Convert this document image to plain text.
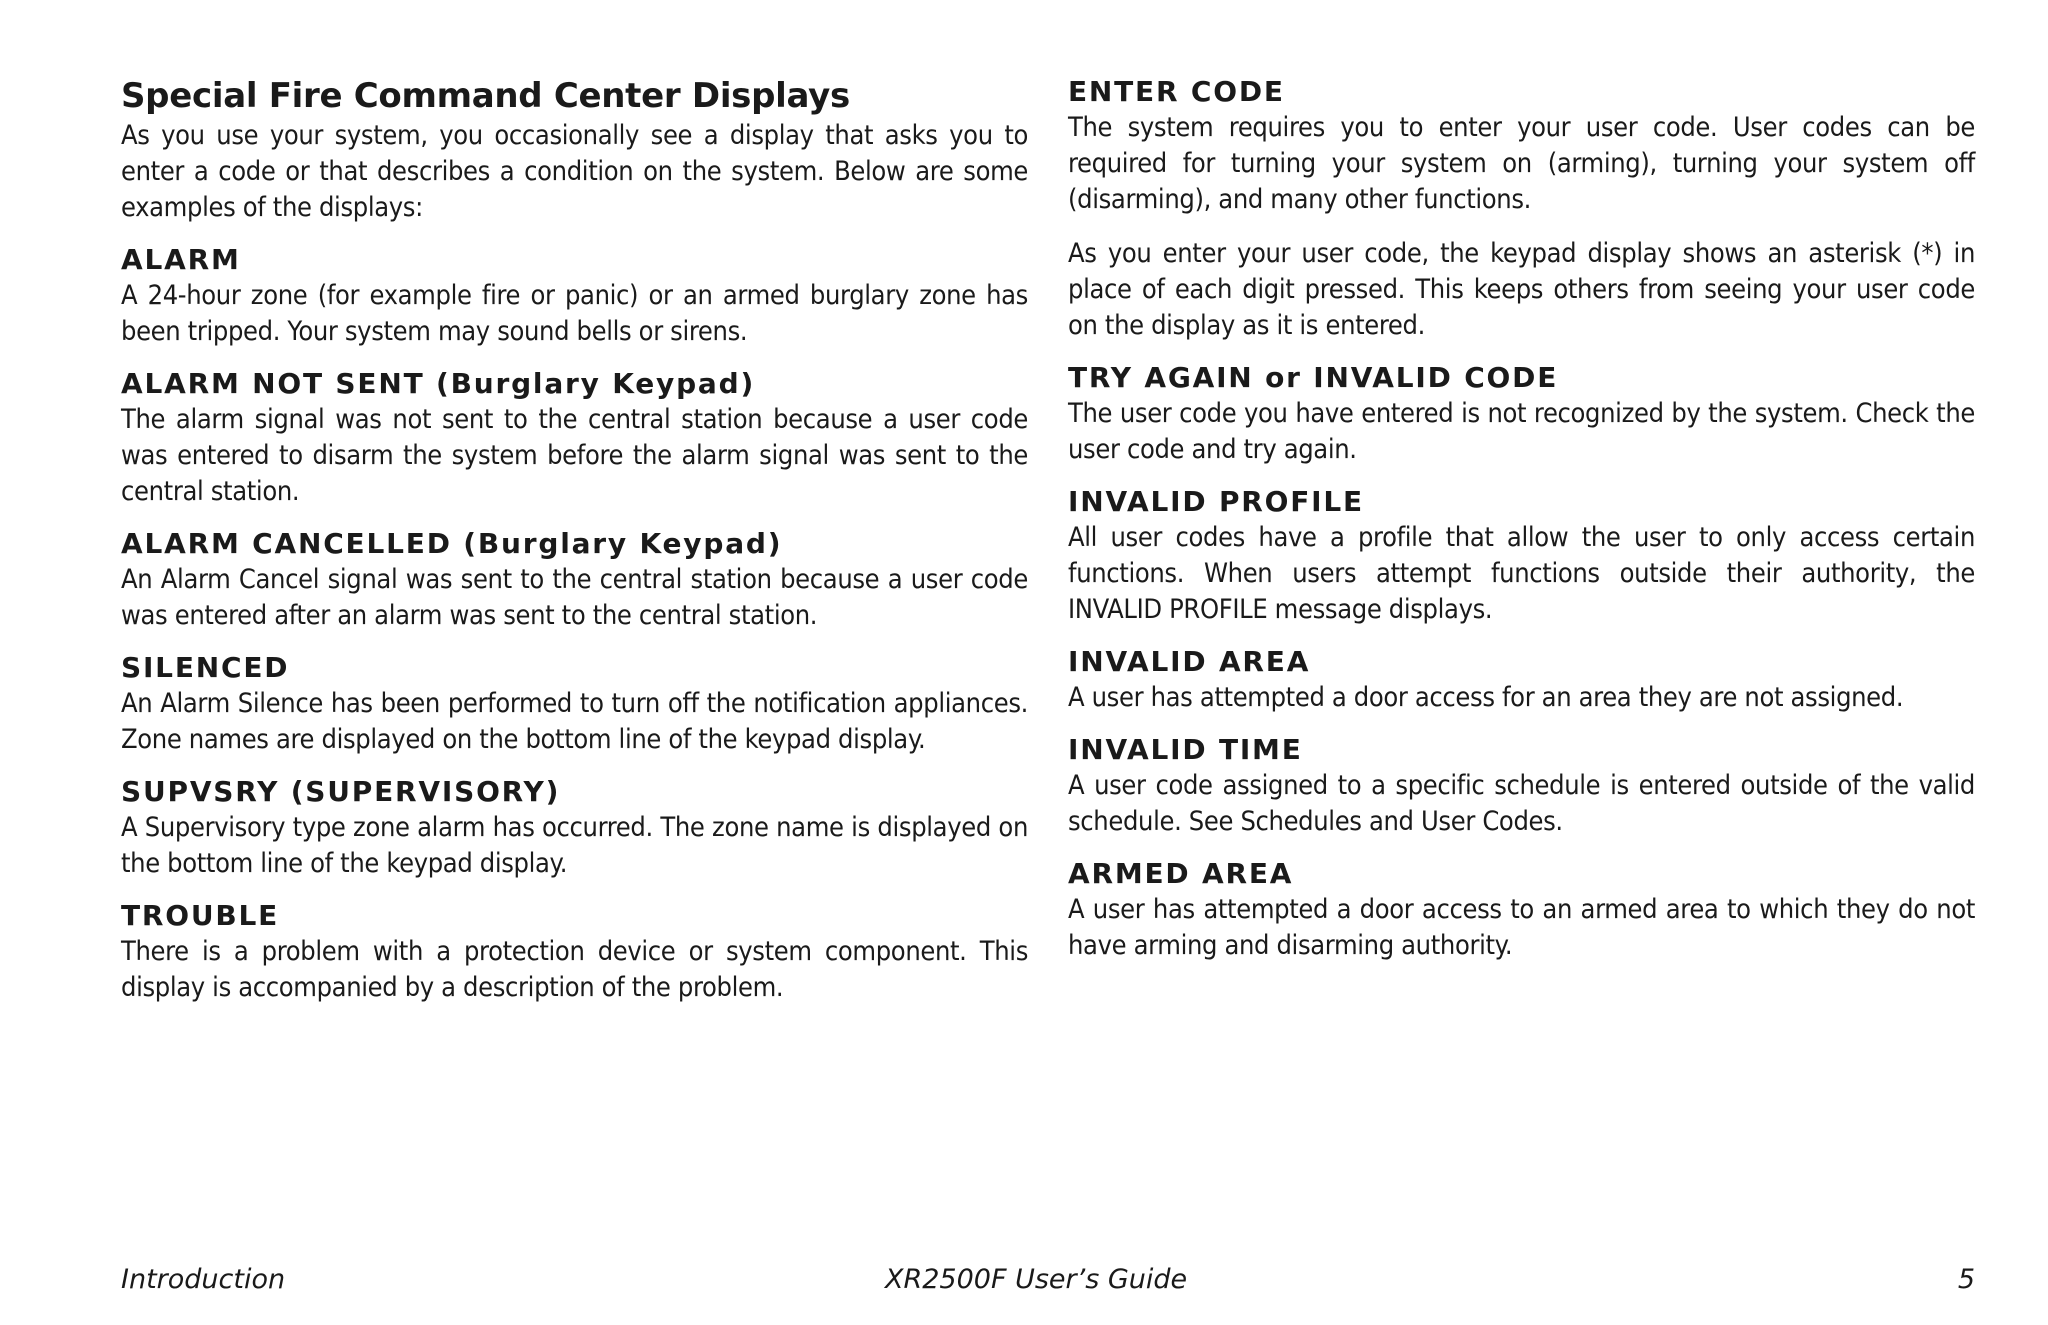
Special Fire Command Center Displays

As you use your system, you occasionally see a display that asks you to enter a code or that describes a condition on the system. Below are some examples of the displays:

ALARM

A 24-hour zone (for example fire or panic) or an armed burglary zone has been tripped. Your system may sound bells or sirens.

ALARM NOT SENT (Burglary Keypad)

The alarm signal was not sent to the central station because a user code was entered to disarm the system before the alarm signal was sent to the central station.

ALARM CANCELLED (Burglary Keypad)

An Alarm Cancel signal was sent to the central station because a user code was entered after an alarm was sent to the central station.

SILENCED

An Alarm Silence has been performed to turn off the notification appliances. Zone names are displayed on the bottom line of the keypad display.

SUPVSRY (SUPERVISORY)

A Supervisory type zone alarm has occurred. The zone name is displayed on the bottom line of the keypad display.

TROUBLE

There is a problem with a protection device or system component. This display is accompanied by a description of the problem.

ENTER CODE

The system requires you to enter your user code. User codes can be required for turning your system on (arming), turning your system off (disarming), and many other functions.

As you enter your user code, the keypad display shows an asterisk (*) in place of each digit pressed. This keeps others from seeing your user code on the display as it is entered.

TRY AGAIN or INVALID CODE

The user code you have entered is not recognized by the system. Check the user code and try again.

INVALID PROFILE

All user codes have a profile that allow the user to only access certain functions. When users attempt functions outside their authority, the INVALID PROFILE message displays.

INVALID AREA

A user has attempted a door access for an area they are not assigned.

INVALID TIME

A user code assigned to a specific schedule is entered outside of the valid schedule. See Schedules and User Codes.

ARMED AREA

A user has attempted a door access to an armed area to which they do not have arming and disarming authority.

Introduction	XR2500F User’s Guide	5
